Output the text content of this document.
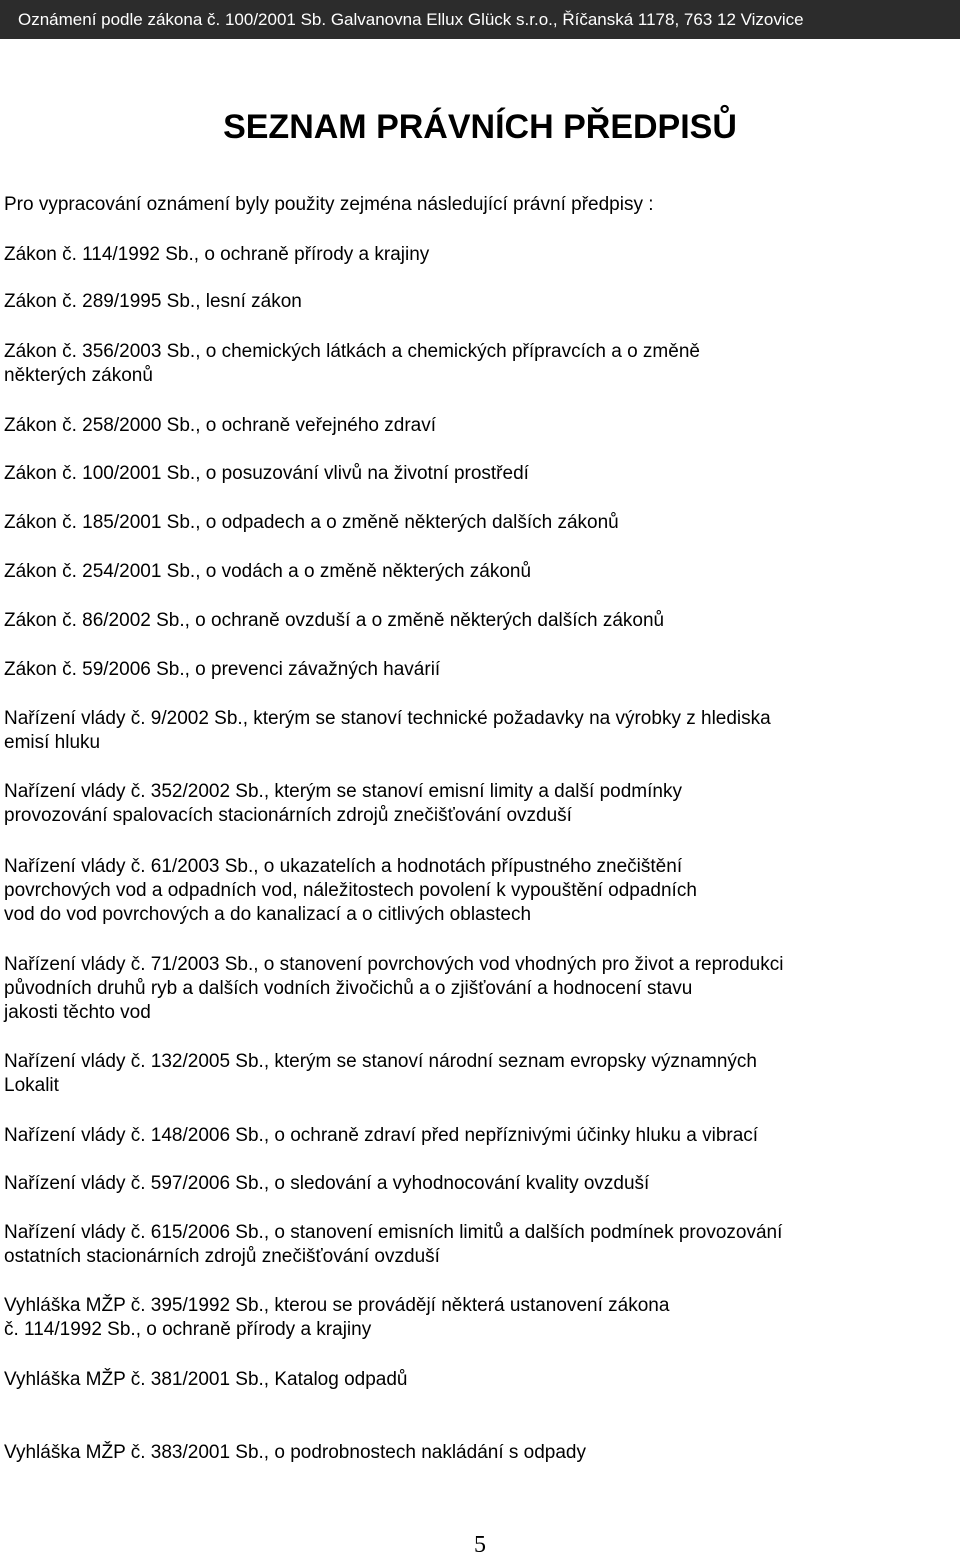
Oznámení podle zákona č. 100/2001 Sb. Galvanovna Ellux Glück s.r.o., Říčanská 1178, 763 12 Vizovice
SEZNAM PRÁVNÍCH PŘEDPISŮ

Pro vypracování oznámení byly použity zejména následující právní předpisy :

Zákon č. 114/1992 Sb., o ochraně přírody a krajiny
Zákon č. 289/1995 Sb., lesní zákon
Zákon č. 356/2003 Sb., o chemických látkách a chemických přípravcích a o změně
některých zákonů
Zákon č. 258/2000 Sb., o ochraně veřejného zdraví
Zákon č. 100/2001 Sb., o posuzování vlivů na životní prostředí
Zákon č. 185/2001 Sb., o odpadech a o změně některých dalších zákonů
Zákon č. 254/2001 Sb., o vodách a o změně některých zákonů
Zákon č. 86/2002 Sb., o ochraně ovzduší a o změně některých dalších zákonů
Zákon č. 59/2006 Sb., o prevenci závažných havárií
Nařízení vlády č. 9/2002 Sb., kterým se stanoví technické požadavky na výrobky z hlediska
emisí hluku
Nařízení vlády č. 352/2002 Sb., kterým se stanoví emisní limity a další podmínky
provozování spalovacích stacionárních zdrojů znečišťování ovzduší
Nařízení vlády č. 61/2003 Sb., o ukazatelích a hodnotách přípustného znečištění
povrchových vod a odpadních vod, náležitostech povolení k vypouštění odpadních
vod do vod povrchových a do kanalizací a o citlivých oblastech
Nařízení vlády č. 71/2003 Sb., o stanovení povrchových vod vhodných pro život a reprodukci
původních druhů ryb a dalších vodních živočichů a o zjišťování a hodnocení stavu
jakosti těchto vod
Nařízení vlády č. 132/2005 Sb., kterým se stanoví národní seznam evropsky významných
Lokalit
Nařízení vlády č. 148/2006 Sb., o ochraně zdraví před nepříznivými účinky hluku a vibrací
Nařízení vlády č. 597/2006 Sb., o sledování a vyhodnocování kvality ovzduší
Nařízení vlády č. 615/2006 Sb., o stanovení emisních limitů a dalších podmínek provozování
ostatních stacionárních zdrojů znečišťování ovzduší
Vyhláška MŽP č. 395/1992 Sb., kterou se provádějí některá ustanovení zákona
č. 114/1992 Sb., o ochraně přírody a krajiny
Vyhláška MŽP č. 381/2001 Sb., Katalog odpadů
Vyhláška MŽP č. 383/2001 Sb., o podrobnostech nakládání s odpady
5
